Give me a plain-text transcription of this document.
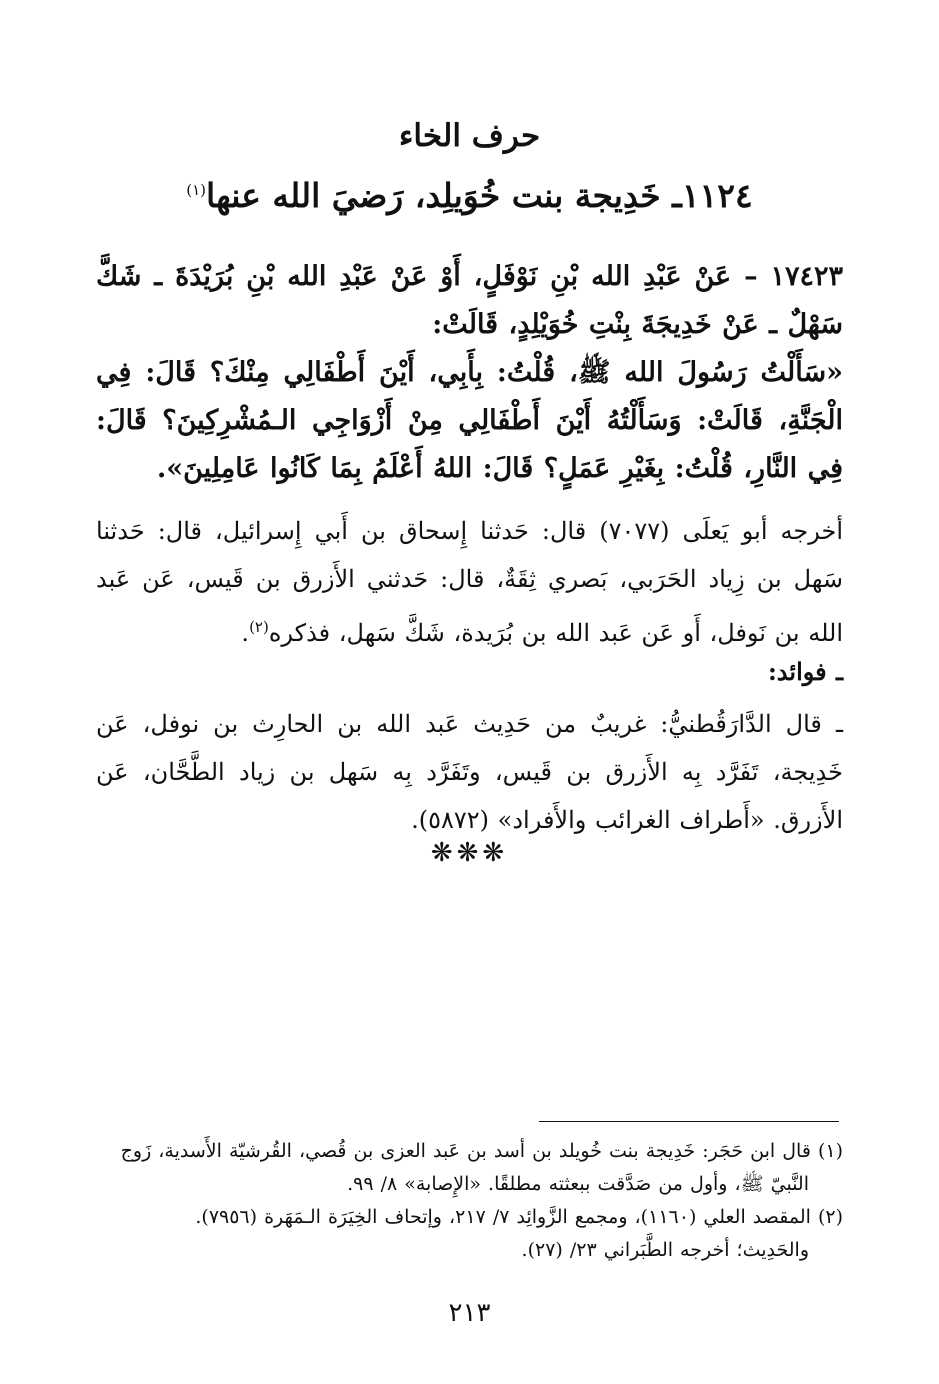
حرف الخاء
١١٢٤ـ خَدِيجة بنت خُوَيلِد، رَضيَ الله عنها$^{(١)}$

١٧٤٢٣ – عَنْ عَبْدِ الله بْنِ نَوْفَلٍ، أَوْ عَنْ عَبْدِ الله بْنِ بُرَيْدَةَ ـ شَكَّ سَهْلٌ ـ عَنْ خَدِيجَةَ بِنْتِ خُوَيْلِدٍ، قَالَتْ:

«سَأَلْتُ رَسُولَ الله ﷺ، قُلْتُ: بِأَبِي، أَيْنَ أَطْفَالِي مِنْكَ؟ قَالَ: فِي الْجَنَّةِ، قَالَتْ: وَسَأَلْتُهُ أَيْنَ أَطْفَالِي مِنْ أَزْوَاجِي الـمُشْرِكِينَ؟ قَالَ: فِي النَّارِ، قُلْتُ: بِغَيْرِ عَمَلٍ؟ قَالَ: اللهُ أَعْلَمُ بِمَا كَانُوا عَامِلِينَ».

أخرجه أبو يَعلَى (٧٠٧٧) قال: حَدثنا إِسحاق بن أَبي إِسرائيل، قال: حَدثنا سَهل بن زِياد الحَرَبي، بَصري ثِقَةٌ، قال: حَدثني الأَزرق بن قَيس، عَن عَبد الله بن نَوفل، أَو عَن عَبد الله بن بُرَيدة، شَكَّ سَهل، فذكره$^{(٢)}$.
ـ فوائد:
ـ قال الدَّارَقُطنيُّ: غريبٌ من حَدِيث عَبد الله بن الحارِث بن نوفل، عَن خَدِيجة، تَفَرَّد بِه الأَزرق بن قَيس، وتَفَرَّد بِه سَهل بن زياد الطَّحَّان، عَن الأَزرق. «أَطراف الغرائب والأَفراد» (٥٨٧٢).
❋❋❋

(١) قال ابن حَجَر: خَدِيجة بنت خُويلد بن أسد بن عَبد العزى بن قُصي، القُرشيّة الأَسدية، زَوج

النَّبيّ ﷺ، وأول من صَدَّقت ببعثته مطلقًا. «الإِصابة» ٨/ ٩٩.

(٢) المقصد العلي (١١٦٠)، ومجمع الزَّوائِد ٧/ ٢١٧، وإتحاف الخِيَرَة الـمَهَرة (٧٩٥٦).

والحَدِيث؛ أخرجه الطَّبَراني ٢٣/ (٢٧).

٢١٣
